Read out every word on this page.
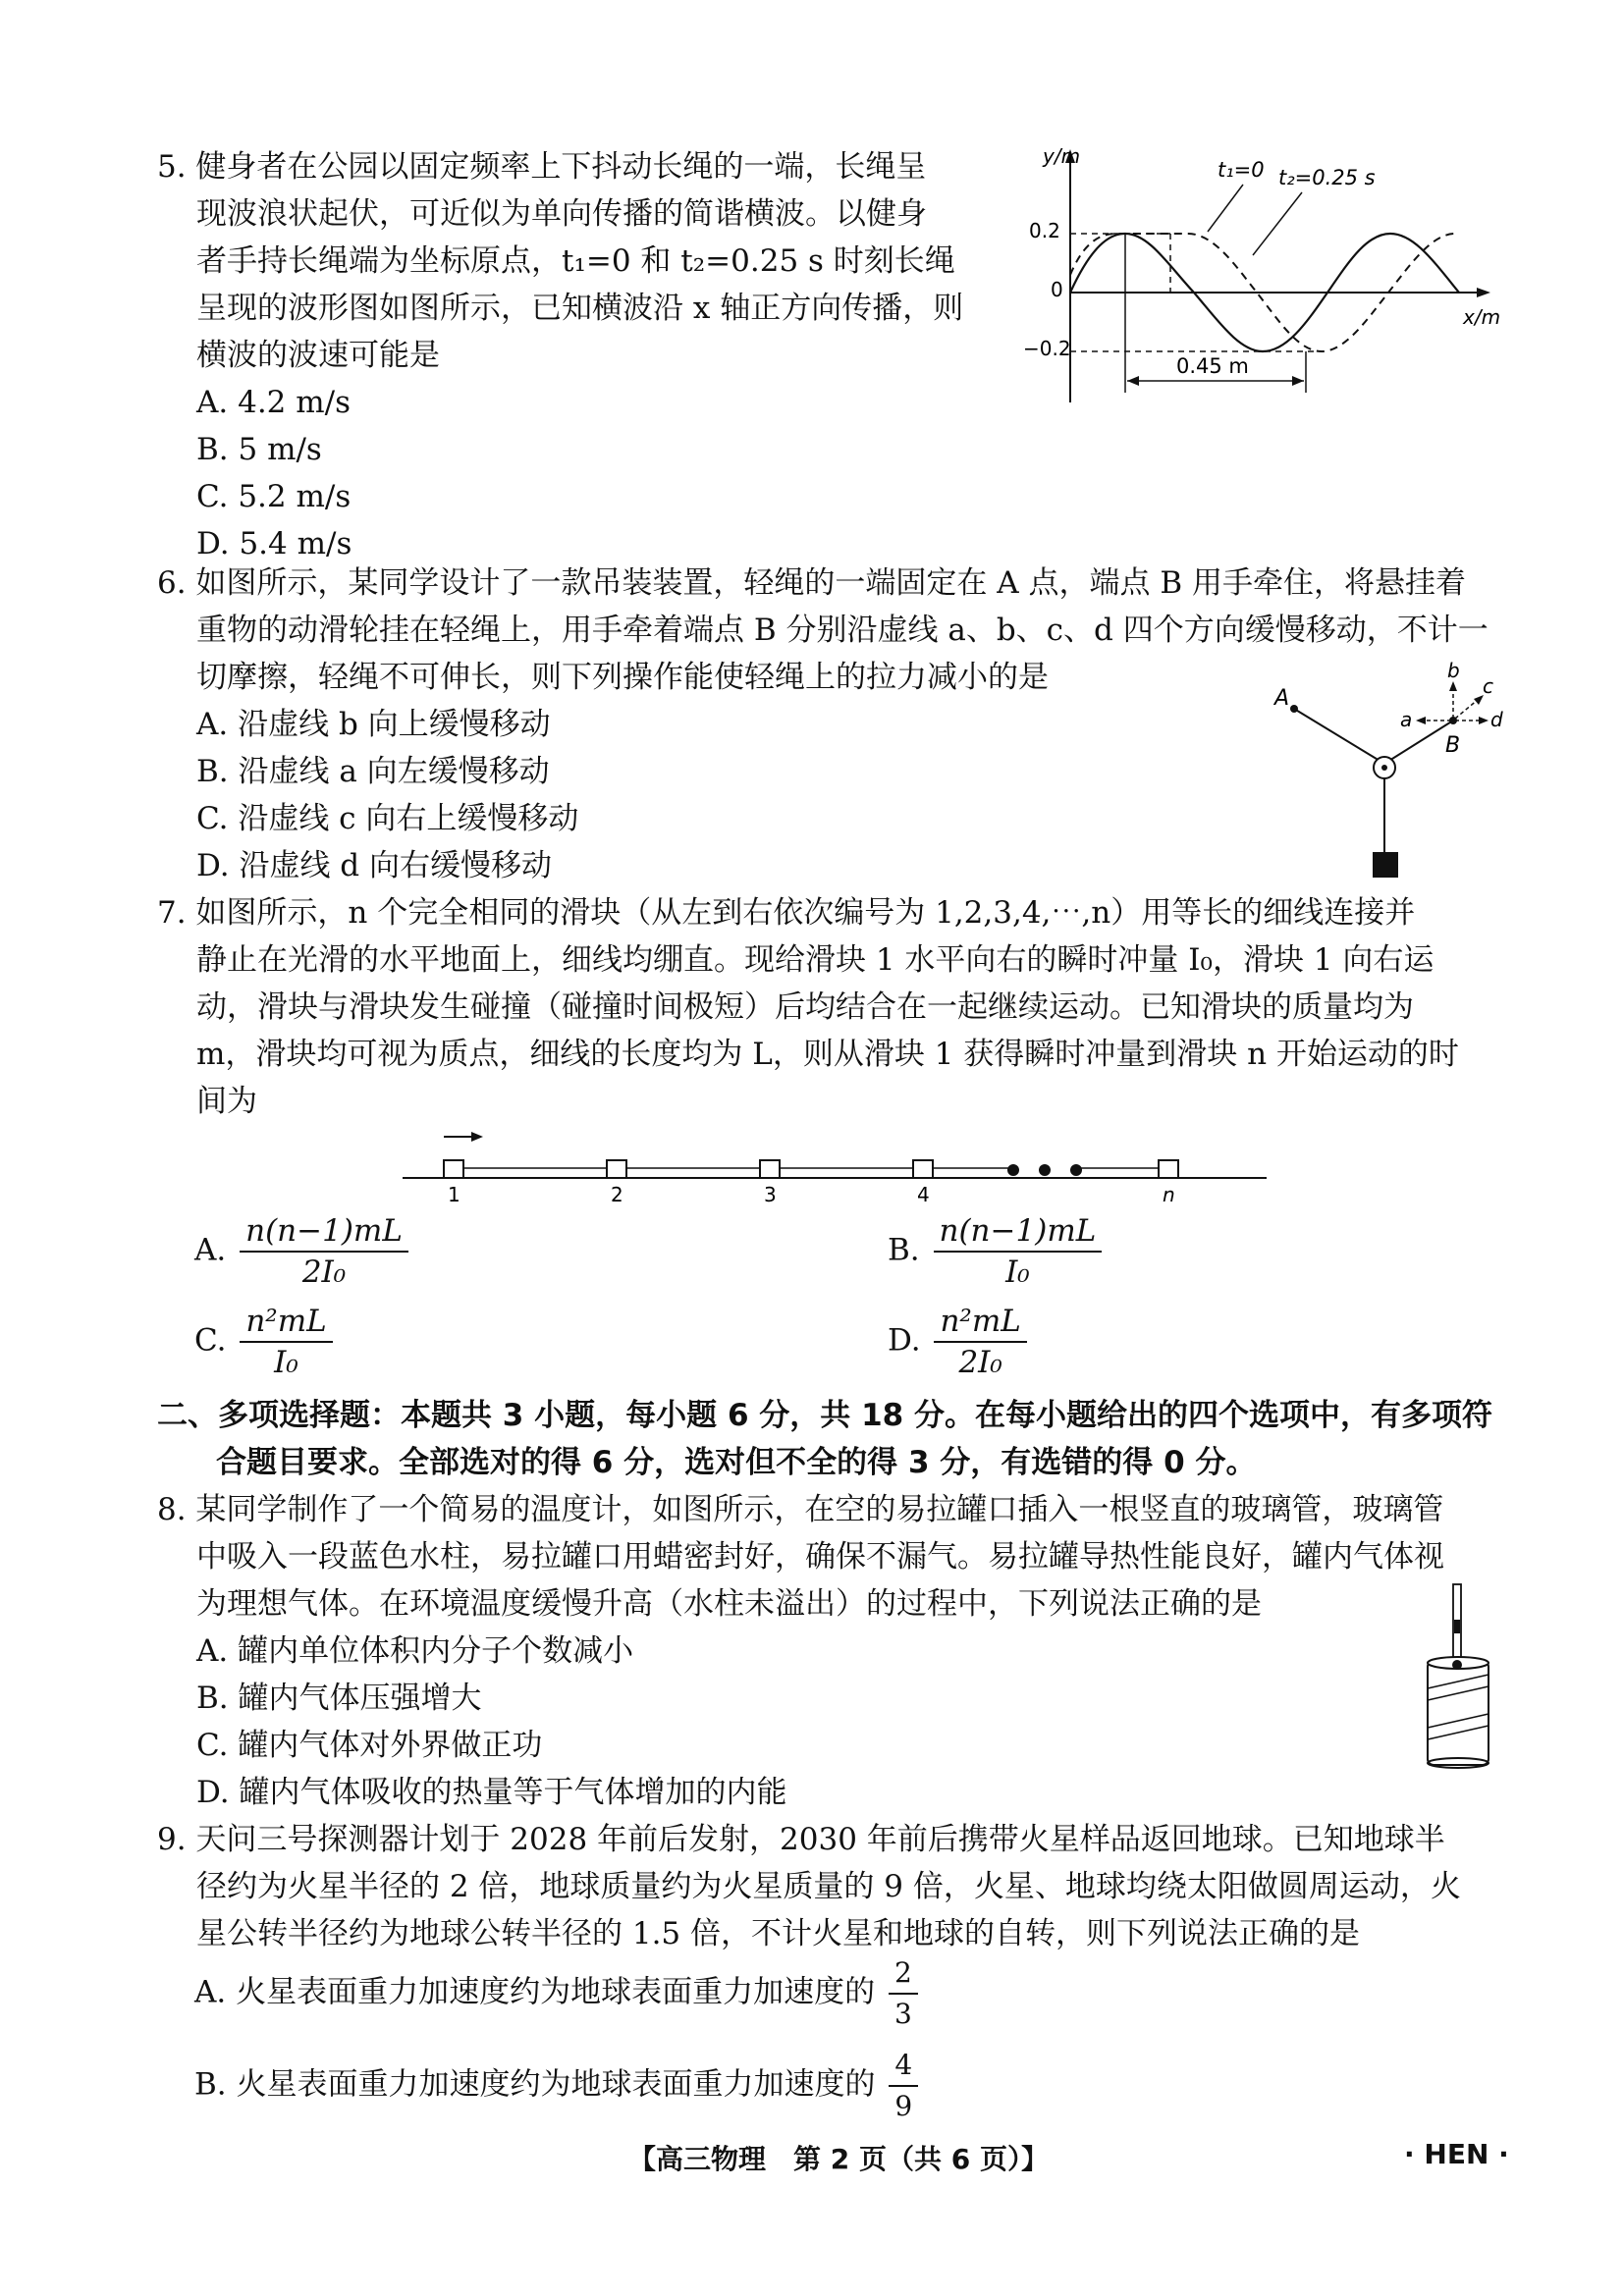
5. 健身者在公园以固定频率上下抖动长绳的一端，长绳呈
现波浪状起伏，可近似为单向传播的简谐横波。以健身
者手持长绳端为坐标原点，t₁=0 和 t₂=0.25 s 时刻长绳
呈现的波形图如图所示，已知横波沿 x 轴正方向传播，则
横波的波速可能是
A. 4.2 m/s
B. 5 m/s
C. 5.2 m/s
D. 5.4 m/s
y/m
x/m
0.2
0
−0.2
t₁=0 t₂=0.25 s
0.45 m
6. 如图所示，某同学设计了一款吊装装置，轻绳的一端固定在 A 点，端点 B 用手牵住，将悬挂着
重物的动滑轮挂在轻绳上，用手牵着端点 B 分别沿虚线 a、b、c、d 四个方向缓慢移动，不计一
切摩擦，轻绳不可伸长，则下列操作能使轻绳上的拉力减小的是
A. 沿虚线 b 向上缓慢移动
B. 沿虚线 a 向左缓慢移动
C. 沿虚线 c 向右上缓慢移动
D. 沿虚线 d 向右缓慢移动
A
B
b
a	d
c
7. 如图所示，n 个完全相同的滑块（从左到右依次编号为 1,2,3,4,⋯,n）用等长的细线连接并
静止在光滑的水平地面上，细线均绷直。现给滑块 1 水平向右的瞬时冲量 I₀，滑块 1 向右运
动，滑块与滑块发生碰撞（碰撞时间极短）后均结合在一起继续运动。已知滑块的质量均为
m，滑块均可视为质点，细线的长度均为 L，则从滑块 1 获得瞬时冲量到滑块 n 开始运动的时
间为
1	2	3	4	n
A. $\frac{n(n-1)mL}{\text{2I₀}}$	B. $\frac{n(n-1)mL}{\text{I₀}}$
C. $\frac{\text{n²mL}}{\text{I₀}}$	D. $\frac{\text{n²mL}}{\text{2I₀}}$
二、多项选择题：本题共 3 小题，每小题 6 分，共 18 分。在每小题给出的四个选项中，有多项符
合题目要求。全部选对的得 6 分，选对但不全的得 3 分，有选错的得 0 分。
8. 某同学制作了一个简易的温度计，如图所示，在空的易拉罐口插入一根竖直的玻璃管，玻璃管
中吸入一段蓝色水柱，易拉罐口用蜡密封好，确保不漏气。易拉罐导热性能良好，罐内气体视
为理想气体。在环境温度缓慢升高（水柱未溢出）的过程中，下列说法正确的是
A. 罐内单位体积内分子个数减小
B. 罐内气体压强增大
C. 罐内气体对外界做正功
D. 罐内气体吸收的热量等于气体增加的内能
9. 天问三号探测器计划于 2028 年前后发射，2030 年前后携带火星样品返回地球。已知地球半
径约为火星半径的 2 倍，地球质量约为火星质量的 9 倍，火星、地球均绕太阳做圆周运动，火
星公转半径约为地球公转半径的 1.5 倍，不计火星和地球的自转，则下列说法正确的是
A. 火星表面重力加速度约为地球表面重力加速度的 $\frac{2}{3}$
B. 火星表面重力加速度约为地球表面重力加速度的 $\frac{4}{9}$
【高三物理　第 2 页（共 6 页）】	· HEN ·
